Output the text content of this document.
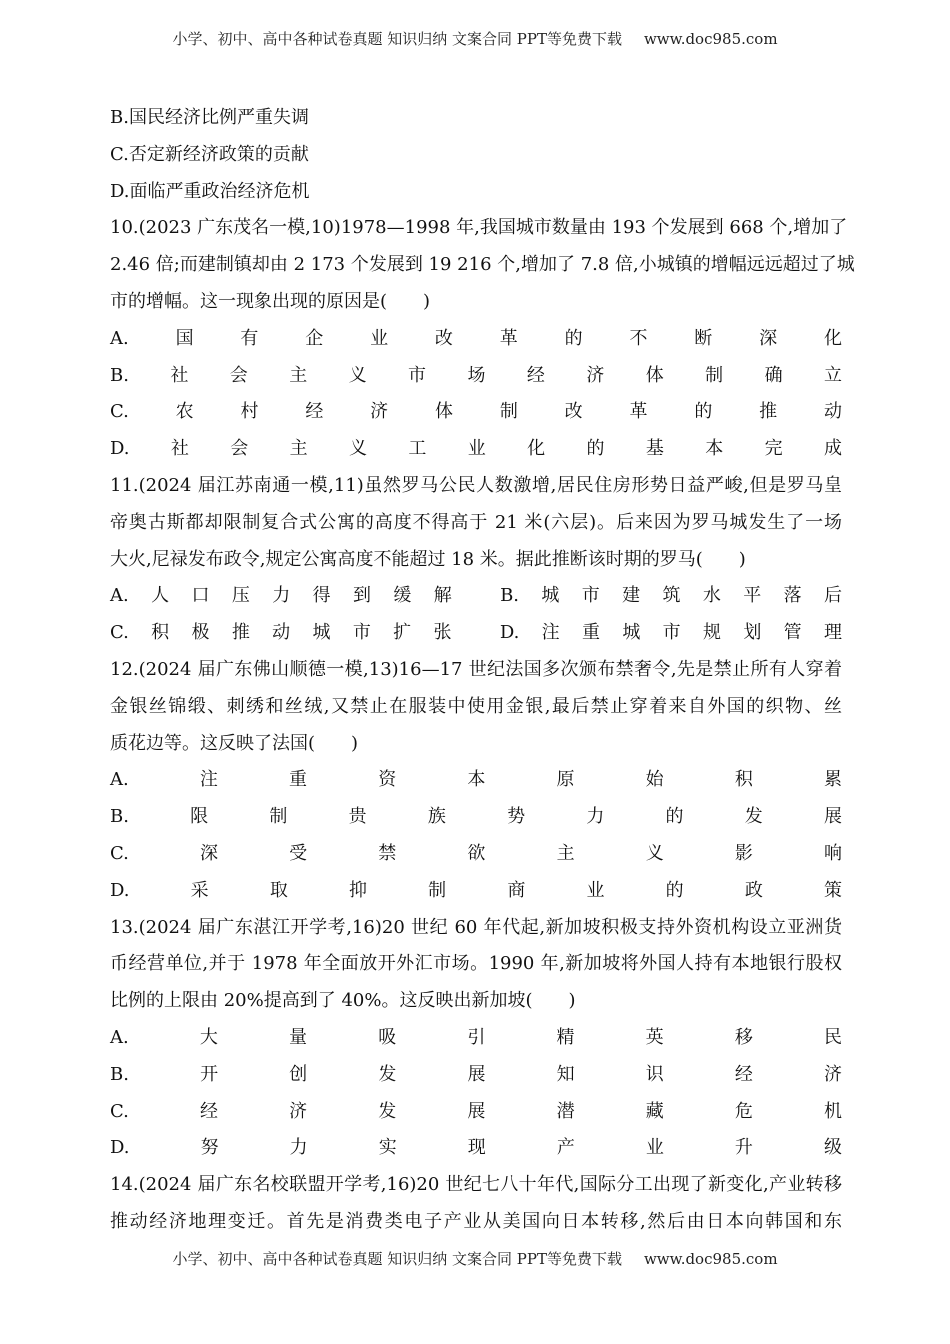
小学、初中、高中各种试卷真题 知识归纳 文案合同 PPT等免费下载 www.doc985.com
B.国民经济比例严重失调
C.否定新经济政策的贡献
D.面临严重政治经济危机
10.(2023 广东茂名一模,10)1978—1998 年,我国城市数量由 193 个发展到 668 个,增加了
2.46 倍;而建制镇却由 2 173 个发展到 19 216 个,增加了 7.8 倍,小城镇的增幅远远超过了城
市的增幅。这一现象出现的原因是(　　)
A.国有企业改革的不断深化
B.社会主义市场经济体制确立
C.农村经济体制改革的推动
D.社会主义工业化的基本完成
11.(2024 届江苏南通一模,11)虽然罗马公民人数激增,居民住房形势日益严峻,但是罗马皇
帝奥古斯都却限制复合式公寓的高度不得高于 21 米(六层)。后来因为罗马城发生了一场
大火,尼禄发布政令,规定公寓高度不能超过 18 米。据此推断该时期的罗马(　　)
A.人口压力得到缓解 B.城市建筑水平落后
C.积极推动城市扩张 D.注重城市规划管理
12.(2024 届广东佛山顺德一模,13)16—17 世纪法国多次颁布禁奢令,先是禁止所有人穿着
金银丝锦缎、刺绣和丝绒,又禁止在服装中使用金银,最后禁止穿着来自外国的织物、丝
质花边等。这反映了法国(　　)
A.注重资本原始积累
B.限制贵族势力的发展
C.深受禁欲主义影响
D.采取抑制商业的政策
13.(2024 届广东湛江开学考,16)20 世纪 60 年代起,新加坡积极支持外资机构设立亚洲货
币经营单位,并于 1978 年全面放开外汇市场。1990 年,新加坡将外国人持有本地银行股权
比例的上限由 20%提高到了 40%。这反映出新加坡(　　)
A.大量吸引精英移民
B.开创发展知识经济
C.经济发展潜藏危机
D.努力实现产业升级
14.(2024 届广东名校联盟开学考,16)20 世纪七八十年代,国际分工出现了新变化,产业转移
推动经济地理变迁。首先是消费类电子产业从美国向日本转移,然后由日本向韩国和东
小学、初中、高中各种试卷真题 知识归纳 文案合同 PPT等免费下载 www.doc985.com
